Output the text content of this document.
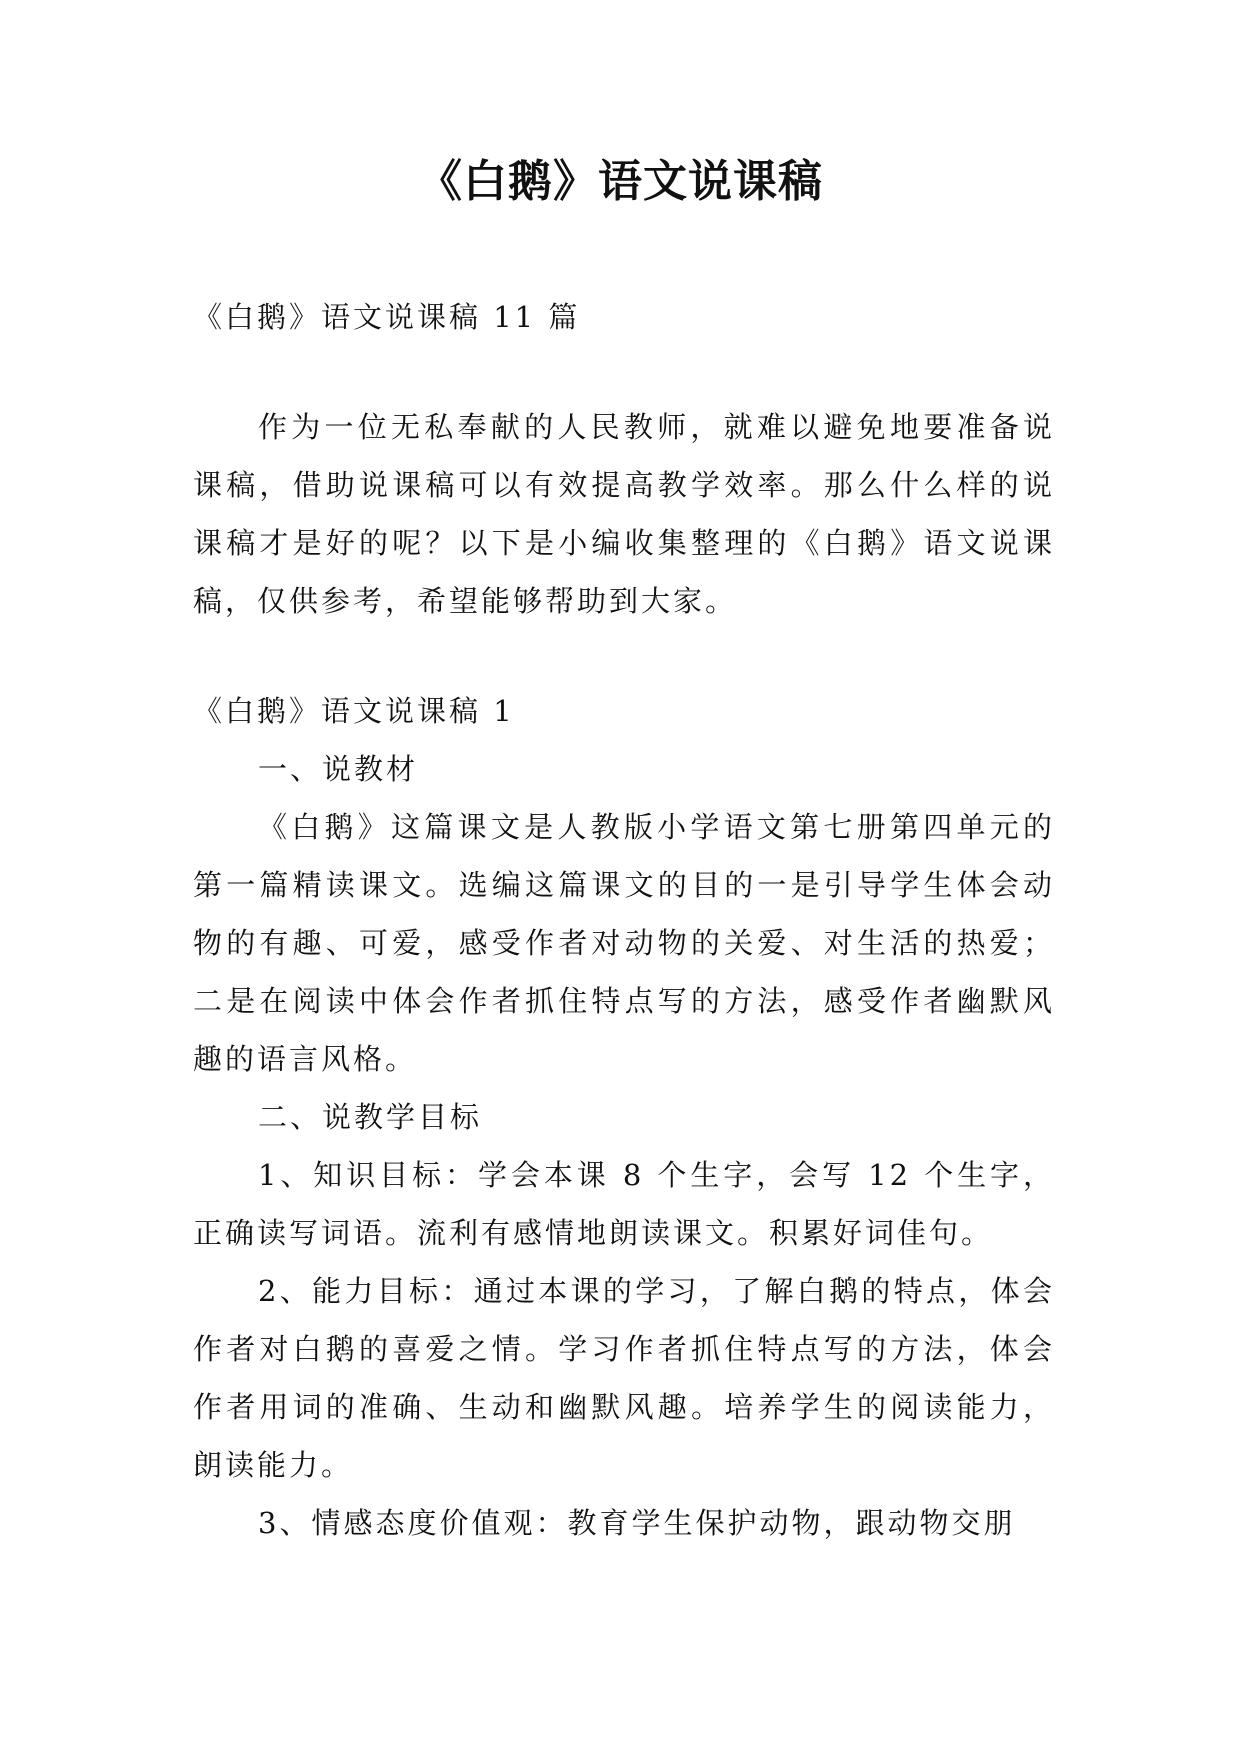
《白鹅》语文说课稿

《白鹅》语文说课稿 11 篇

作为一位无私奉献的人民教师，就难以避免地要准备说课稿，借助说课稿可以有效提高教学效率。那么什么样的说课稿才是好的呢？以下是小编收集整理的《白鹅》语文说课稿，仅供参考，希望能够帮助到大家。

《白鹅》语文说课稿 1

一、说教材

《白鹅》这篇课文是人教版小学语文第七册第四单元的第一篇精读课文。选编这篇课文的目的一是引导学生体会动物的有趣、可爱，感受作者对动物的关爱、对生活的热爱；二是在阅读中体会作者抓住特点写的方法，感受作者幽默风趣的语言风格。

二、说教学目标

1、知识目标：学会本课 8 个生字，会写 12 个生字，正确读写词语。流利有感情地朗读课文。积累好词佳句。

2、能力目标：通过本课的学习，了解白鹅的特点，体会作者对白鹅的喜爱之情。学习作者抓住特点写的方法，体会作者用词的准确、生动和幽默风趣。培养学生的阅读能力，朗读能力。

3、情感态度价值观：教育学生保护动物，跟动物交朋
